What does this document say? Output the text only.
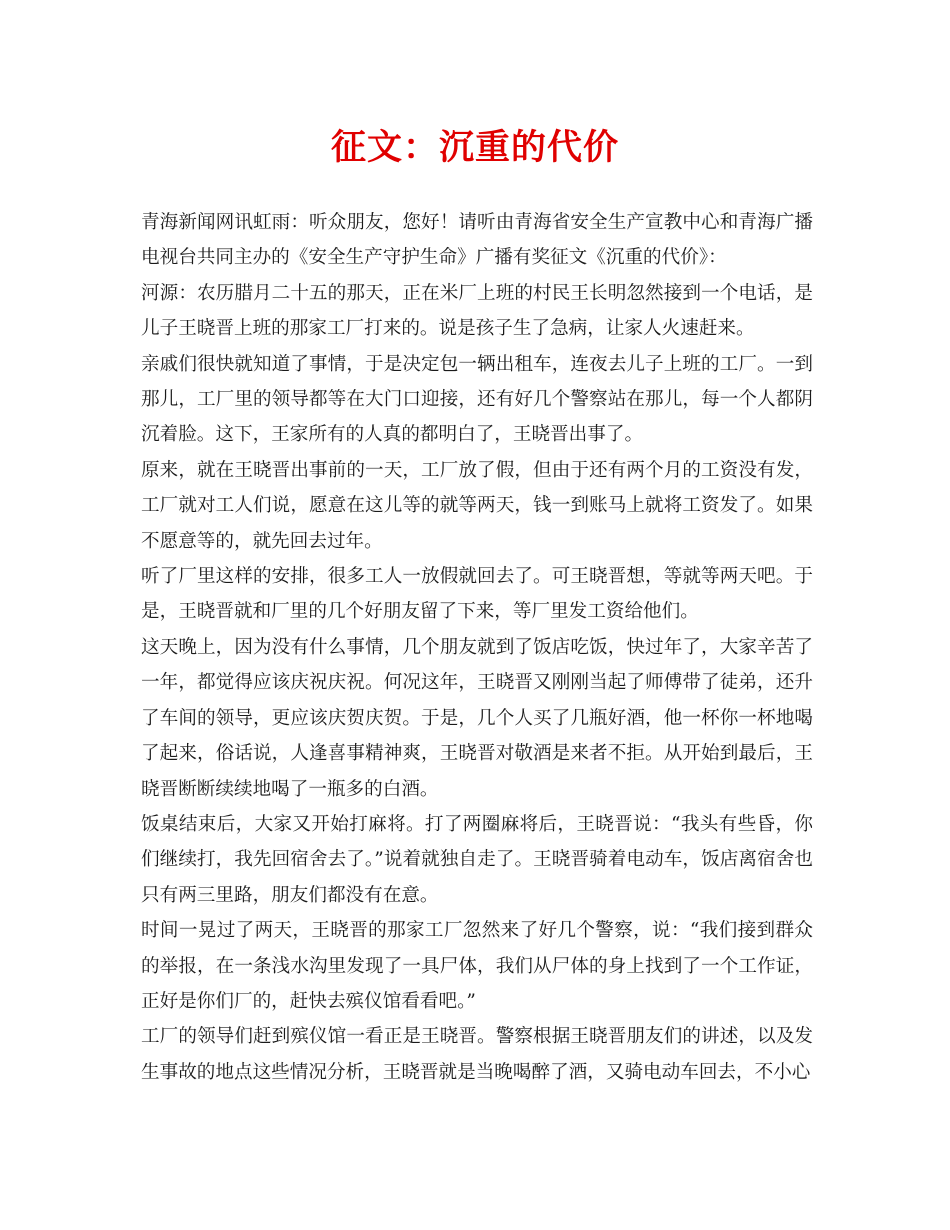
征文：沉重的代价

青海新闻网讯虹雨：听众朋友，您好！请听由青海省安全生产宣教中心和青海广播电视台共同主办的《安全生产守护生命》广播有奖征文《沉重的代价》：

河源：农历腊月二十五的那天，正在米厂上班的村民王长明忽然接到一个电话，是儿子王晓晋上班的那家工厂打来的。说是孩子生了急病，让家人火速赶来。

亲戚们很快就知道了事情，于是决定包一辆出租车，连夜去儿子上班的工厂。一到那儿，工厂里的领导都等在大门口迎接，还有好几个警察站在那儿，每一个人都阴沉着脸。这下，王家所有的人真的都明白了，王晓晋出事了。

原来，就在王晓晋出事前的一天，工厂放了假，但由于还有两个月的工资没有发，工厂就对工人们说，愿意在这儿等的就等两天，钱一到账马上就将工资发了。如果不愿意等的，就先回去过年。

听了厂里这样的安排，很多工人一放假就回去了。可王晓晋想，等就等两天吧。于是，王晓晋就和厂里的几个好朋友留了下来，等厂里发工资给他们。

这天晚上，因为没有什么事情，几个朋友就到了饭店吃饭，快过年了，大家辛苦了一年，都觉得应该庆祝庆祝。何况这年，王晓晋又刚刚当起了师傅带了徒弟，还升了车间的领导，更应该庆贺庆贺。于是，几个人买了几瓶好酒，他一杯你一杯地喝了起来，俗话说，人逢喜事精神爽，王晓晋对敬酒是来者不拒。从开始到最后，王晓晋断断续续地喝了一瓶多的白酒。

饭桌结束后，大家又开始打麻将。打了两圈麻将后，王晓晋说：“我头有些昏，你们继续打，我先回宿舍去了。”说着就独自走了。王晓晋骑着电动车，饭店离宿舍也只有两三里路，朋友们都没有在意。

时间一晃过了两天，王晓晋的那家工厂忽然来了好几个警察，说：“我们接到群众的举报，在一条浅水沟里发现了一具尸体，我们从尸体的身上找到了一个工作证，正好是你们厂的，赶快去殡仪馆看看吧。”

工厂的领导们赶到殡仪馆一看正是王晓晋。警察根据王晓晋朋友们的讲述，以及发生事故的地点这些情况分析，王晓晋就是当晚喝醉了酒，又骑电动车回去，不小心
